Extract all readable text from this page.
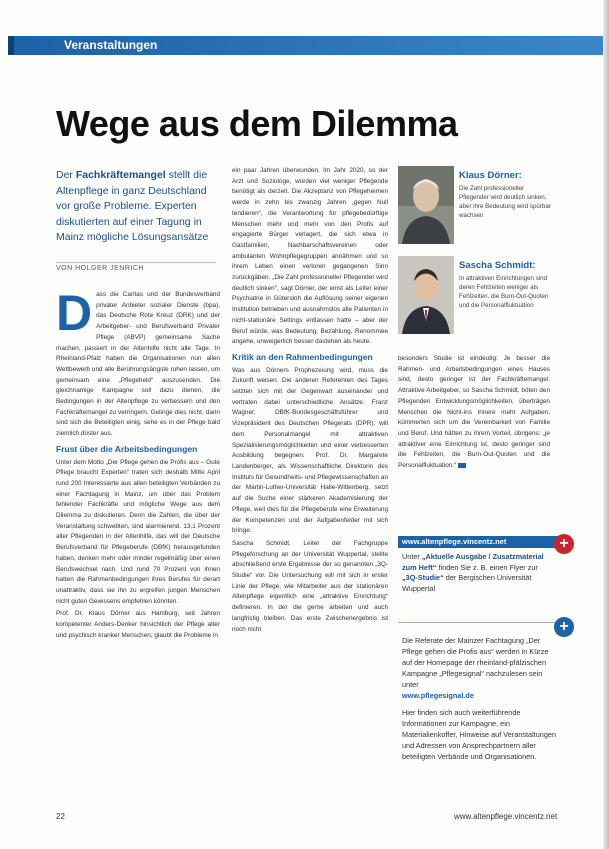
Veranstaltungen
Wege aus dem Dilemma
Der Fachkräftemangel stellt die Altenpflege in ganz Deutschland vor große Probleme. Experten diskutierten auf einer Tagung in Mainz mögliche Lösungsansätze
VON HOLGER JENRICH
D ass die Caritas und der Bundesverband privater Anbieter sozialer Dienste (bpa), das Deutsche Rote Kreuz (DRK) und der Arbeitgeber- und Berufsverband Privater Pflege (ABVP) gemeinsame Sache machen, passiert in der Altenhilfe nicht alle Tage. In Rheinland-Pfalz haben die Organisationen nun allen Wettbewerb und alle Berührungsängste ruhen lassen, um gemeinsam eine „Pflegeheld“ auszusenden. Die gleichnamige Kampagne soll dazu dienen, die Bedingungen in der Altenpflege zu verbessern und den Fachkräftemangel zu verringern. Gelinge dies nicht, darin sind sich die Beteiligten einig, sehe es in der Pflege bald ziemlich düster aus.

Frust über die Arbeitsbedingungen

Unter dem Motto „Der Pflege gehen die Profis aus – Gute Pflege braucht Experten“ traten sich deshalb Mitte April rund 200 Interessierte aus allen beteiligten Verbänden zu einer Fachtagung in Mainz, um über das Problem fehlender Fachkräfte und mögliche Wege aus dem Dilemma zu diskutieren. Denn die Zahlen, die über der Veranstaltung schwebten, sind alarmierend. 13,1 Prozent aller Pflegenden in der Altenhilfe, das will der Deutsche Berufsverband für Pflegeberufe (DBfK) herausgefunden haben, denken mehr oder minder regelmäßig über einen Berufswechsel nach. Und rund 70 Prozent von ihnen hatten die Rahmenbedingungen ihres Berufes für derart unattraktiv, dass sie ihn zu ergreifen jungen Menschen nicht guten Gewissens empfehlen könnten.

Prof. Dr. Klaus Dörner aus Hamburg, seit Jahren kompetenter Anders-Denker hinsichtlich der Pflege alter und psychisch kranker Menschen, glaubt die Probleme in

ein paar Jahren überwunden. Im Jahr 2020, so der Arzt und Soziologe, würden viel weniger Pflegende benötigt als derzeit. Die Akzeptanz von Pflegeheimen werde in zehn bis zwanzig Jahren „gegen Null tendieren“, die Verantwortung für pflegebedürftige Menschen mehr und mehr von den Profis auf engagierte Bürger verlagert, die sich etwa in Gastfamilien, Nachbarschaftsvereinen oder ambulanten Wohnpflegegruppen annähmen und so ihrem Leben einen verloren gegangenen Sinn zurückgäben. „Die Zahl professioneller Pflegender wird deutlich sinken“, sagt Dörner, der einst als Leiter einer Psychiatrie in Gütersloh die Auflösung seiner eigenen Institution betrieben und ausnahmslos alle Patienten in nicht-stationäre Settings entlassen hatte – aber der Beruf würde, was Bedeutung, Bezahlung, Renommee angehe, unweigerlich besser dastehen als heute.

Kritik an den Rahmenbedingungen

Was aus Dörners Prophezeiung wird, muss die Zukunft weisen. Die anderen Referenten des Tages setzten sich mit der Gegenwart auseinander und vertraten dabei unterschiedliche Ansätze. Franz Wagner, DBfK-Bundesgeschäftsführer und Vizepräsident des Deutschen Pflegerats (DPR), will dem Personalmangel mit attraktiven Spezialisierungsmöglichkeiten und einer verbesserten Ausbildung begegnen. Prof. Dr. Margarete Landenberger, als Wissenschaftliche Direktorin des Instituts für Gesundheits- und Pflegewissenschaften an der Martin-Luther-Universität Halle-Wittenberg, setzt auf die Suche einer stärkeren Akademisierung der Pflege, weil dies für die Pflegeberufe eine Erweiterung der Kompetenzen und der Aufgabenfelder mit sich bringe.

Sascha Schmidt, Leiter der Fachgruppe Pflegeforschung an der Universität Wuppertal, stellte abschließend erste Ergebnisse der so genannten „3Q-Studie“ vor. Die Untersuchung will mit sich in erster Linie der Pflege, wie Mitarbeiter aus der stationären Altenpflege eigentlich eine „attraktive Einrichtung“ definieren. In der die gerne arbeiten und auch langfristig bleiben. Das erste Zwischenergebnis ist noch nicht

Klaus Dörner:
Die Zahl professioneller Pflegender wird deutlich sinken, aber ihre Bedeutung wird spürbar wachsen
Sascha Schmidt:
In attraktiven Einrichtungen sind deren Fehlzeiten weniger als Fehlzeiten, die Burn-Out-Quoten und die Personalfluktuation

besonders Studie ist eindeutig: Je besser die Rahmen- und Arbeitsbedingungen eines Hauses sind, desto geringer ist der Fachkräftemangel. Attraktive Arbeitgeber, so Sascha Schmidt, böten den Pflegenden Entwicklungsmöglichkeiten, überträgen Menschen die Nicht-ins Innere mehr Aufgaben, kümmerten sich um die Vereinbarkeit von Familie und Beruf. Und hätten zu ihrem Vorteil, übrigens: „je attraktiver eine Einrichtung ist, desto geringer sind die Fehlzeiten, die Burn-Out-Quoten und die Personalfluktuation.“

www.altenpflege.vincentz.net	+
Unter „Aktuelle Ausgabe / Zusatzmaterial zum Heft“ finden Sie z. B. einen Flyer zur „3Q-Studie“ der Bergischen Universität Wuppertal
+
Die Referate der Mainzer Fachtagung „Der Pflege gehen die Profis aus“ werden in Kürze auf der Homepage der rheinland-pfälzischen Kampagne „Pflegesignal“ nachzulesen sein unter
www.pflegesignal.de
Hier finden sich auch weiterführende Informationen zur Kampagne, ein Materialienkoffer, Hinweise auf Veranstaltungen und Adressen von Ansprechpartnern aller beteiligten Verbände und Organisationen.
22	www.altenpflege.vincentz.net
